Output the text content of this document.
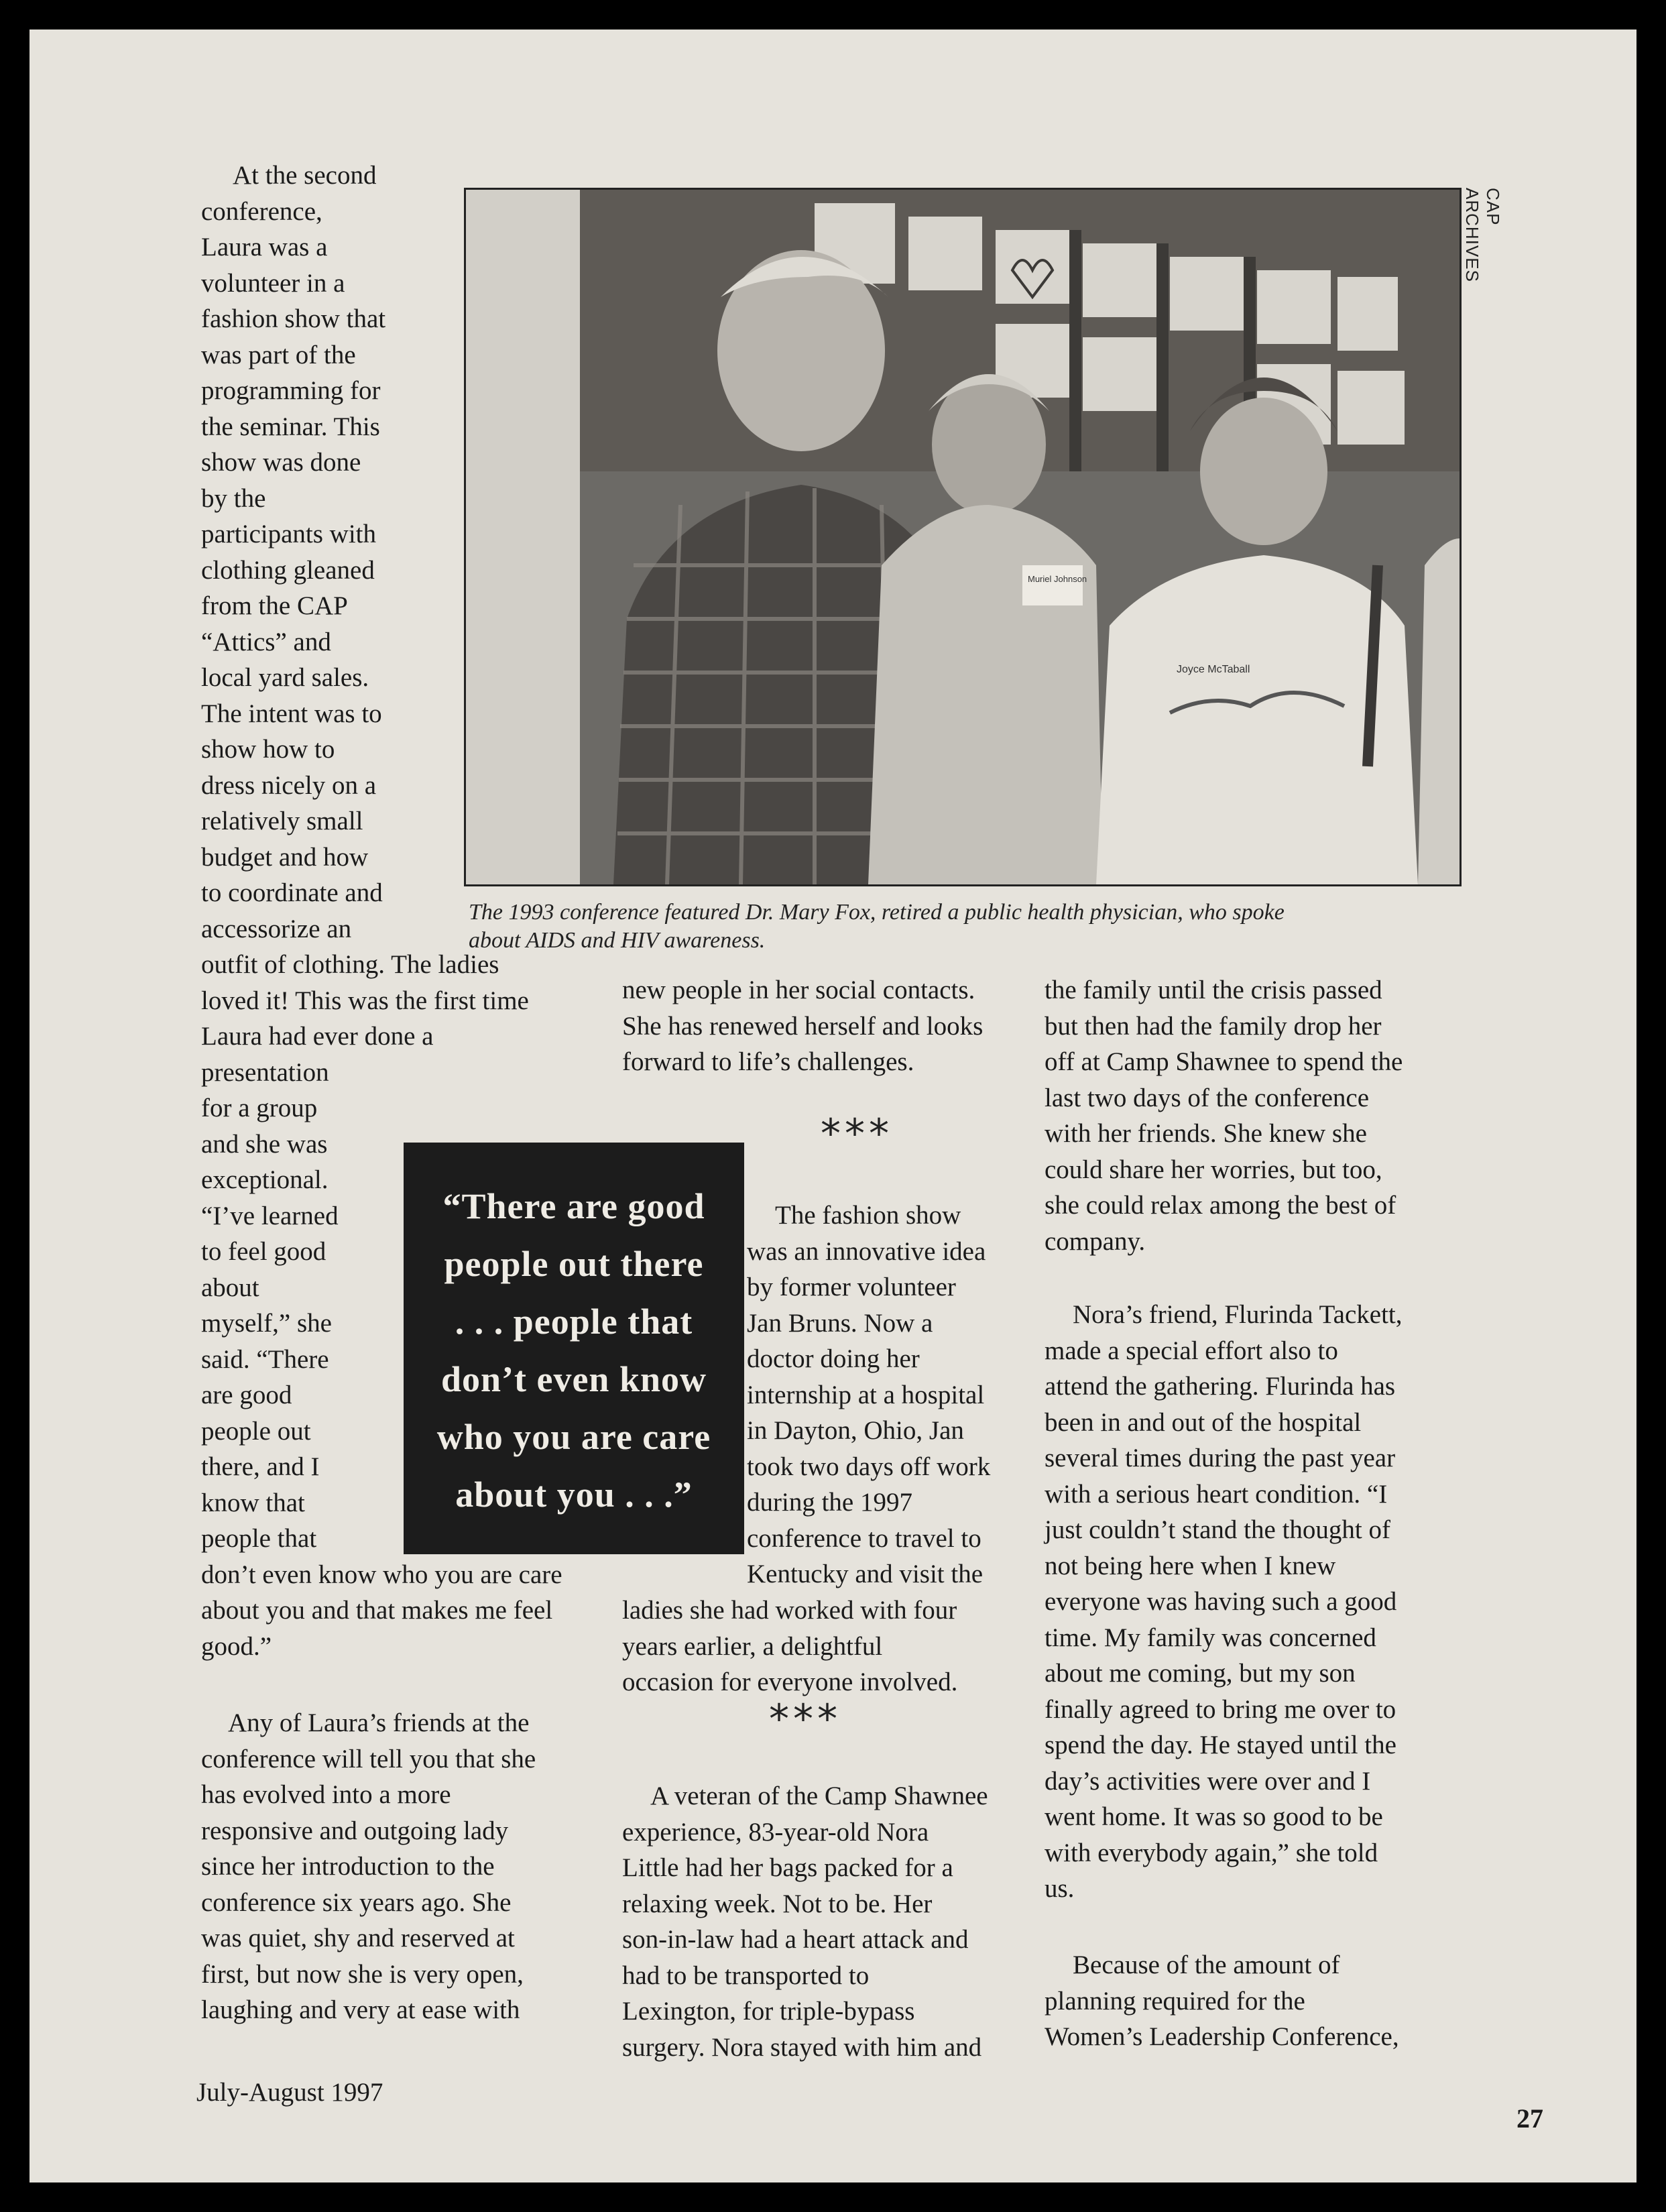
Muriel Johnson
Joyce McTaball
CAP ARCHIVES
The 1993 conference featured Dr. Mary Fox, retired a public health physician, who spoke
about AIDS and HIV awareness.
At the second
conference,
Laura was a
volunteer in a
fashion show that
was part of the
programming for
the seminar. This
show was done
by the
participants with
clothing gleaned
from the CAP
“Attics” and
local yard sales.
The intent was to
show how to
dress nicely on a
relatively small
budget and how
to coordinate and
accessorize an
outfit of clothing. The ladies
loved it! This was the first time
Laura had ever done a
presentation
for a group
and she was
exceptional.
“I’ve learned
to feel good
about
myself,” she
said. “There
are good
people out
there, and I
know that
people that
don’t even know who you are care
about you and that makes me feel
good.”
Any of Laura’s friends at the
conference will tell you that she
has evolved into a more
responsive and outgoing lady
since her introduction to the
conference six years ago. She
was quiet, shy and reserved at
first, but now she is very open,
laughing and very at ease with
“There are good
people out there
. . . people that
don’t even know
who you are care
about you . . .”
new people in her social contacts.
She has renewed herself and looks
forward to life’s challenges.
***
The fashion show
was an innovative idea
by former volunteer
Jan Bruns. Now a
doctor doing her
internship at a hospital
in Dayton, Ohio, Jan
took two days off work
during the 1997
conference to travel to
Kentucky and visit the
ladies she had worked with four
years earlier, a delightful
occasion for everyone involved.
***
A veteran of the Camp Shawnee
experience, 83-year-old Nora
Little had her bags packed for a
relaxing week. Not to be. Her
son-in-law had a heart attack and
had to be transported to
Lexington, for triple-bypass
surgery. Nora stayed with him and
the family until the crisis passed
but then had the family drop her
off at Camp Shawnee to spend the
last two days of the conference
with her friends. She knew she
could share her worries, but too,
she could relax among the best of
company.
Nora’s friend, Flurinda Tackett,
made a special effort also to
attend the gathering. Flurinda has
been in and out of the hospital
several times during the past year
with a serious heart condition. “I
just couldn’t stand the thought of
not being here when I knew
everyone was having such a good
time. My family was concerned
about me coming, but my son
finally agreed to bring me over to
spend the day. He stayed until the
day’s activities were over and I
went home. It was so good to be
with everybody again,” she told
us.
Because of the amount of
planning required for the
Women’s Leadership Conference,
July-August 1997
27
